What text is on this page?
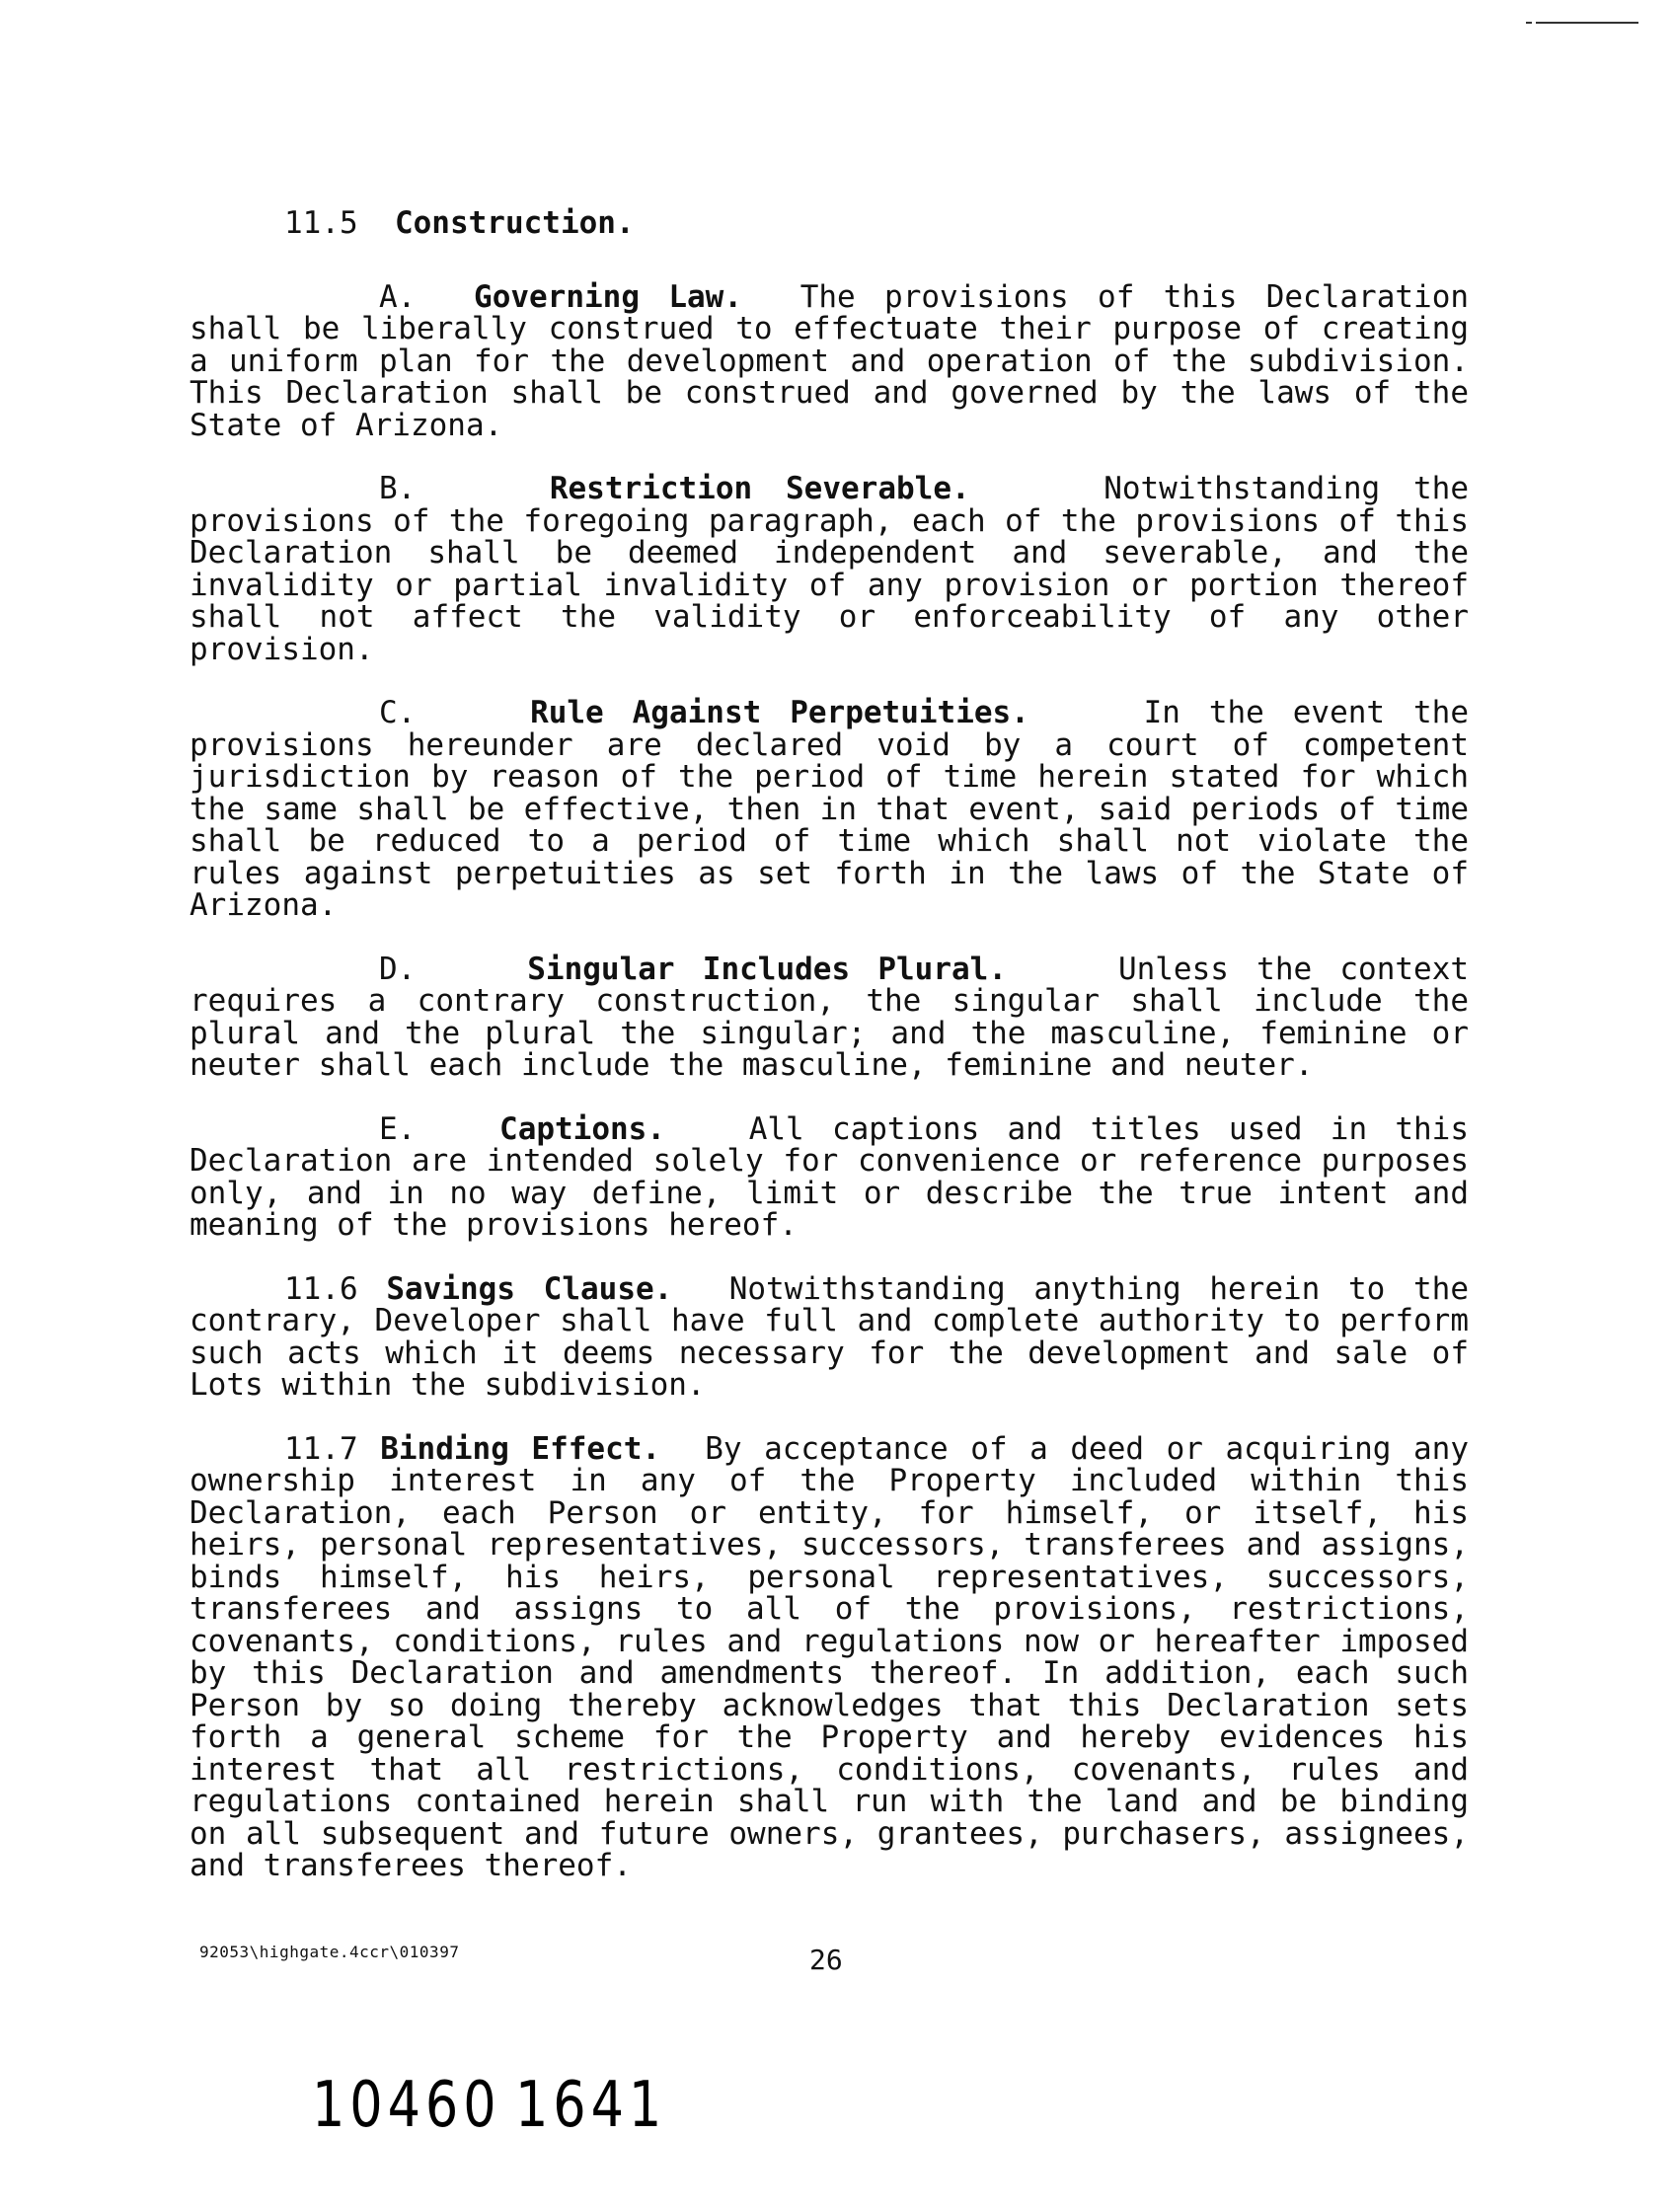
11.5 Construction.

A. Governing Law. The provisions of this Declaration shall be liberally construed to effectuate their purpose of creating a uniform plan for the development and operation of the subdivision. This Declaration shall be construed and governed by the laws of the State of Arizona.

B.	Restriction Severable.	Notwithstanding the provisions of the foregoing paragraph, each of the provisions of this Declaration shall be deemed independent and severable, and the invalidity or partial invalidity of any provision or portion thereof shall not affect the validity or enforceability of any other provision.

C.	Rule Against Perpetuities.	In the event the provisions hereunder are declared void by a court of competent jurisdiction by reason of the period of time herein stated for which the same shall be effective, then in that event, said periods of time shall be reduced to a period of time which shall not violate the rules against perpetuities as set forth in the laws of the State of Arizona.

D.	Singular Includes Plural.	Unless the context requires a contrary construction, the singular shall include the plural and the plural the singular; and the masculine, feminine or neuter shall each include the masculine, feminine and neuter.

E.	Captions.	All captions and titles used in this Declaration are intended solely for convenience or reference purposes only, and in no way define, limit or describe the true intent and meaning of the provisions hereof.

11.6 Savings Clause. Notwithstanding anything herein to the contrary, Developer shall have full and complete authority to perform such acts which it deems necessary for the development and sale of Lots within the subdivision.

11.7 Binding Effect. By acceptance of a deed or acquiring any ownership interest in any of the Property included within this Declaration, each Person or entity, for himself, or itself, his heirs, personal representatives, successors, transferees and assigns, binds himself, his heirs, personal representatives, successors, transferees and assigns to all of the provisions, restrictions, covenants, conditions, rules and regulations now or hereafter imposed by this Declaration and amendments thereof. In addition, each such Person by so doing thereby acknowledges that this Declaration sets forth a general scheme for the Property and hereby evidences his interest that all restrictions, conditions, covenants, rules and regulations contained herein shall run with the land and be binding on all subsequent and future owners, grantees, purchasers, assignees, and transferees thereof.

92053\highgate.4ccr\010397	26
10460 1641
